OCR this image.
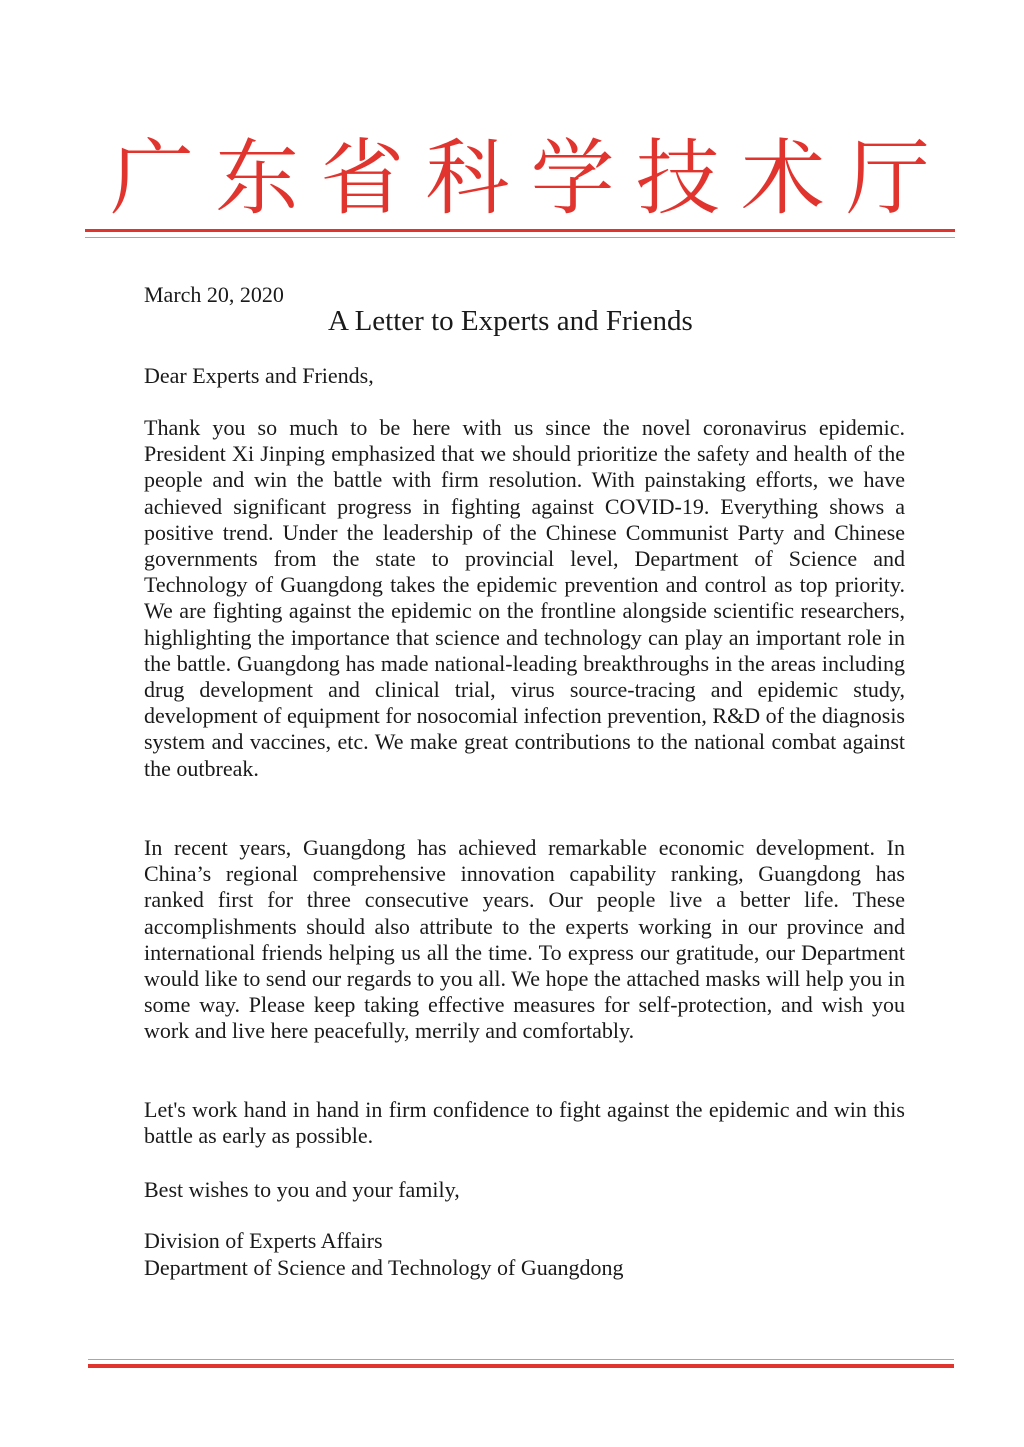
广 东 省 科 学 技 术 厅
March 20, 2020
A Letter to Experts and Friends
Dear Experts and Friends,

Thank you so much to be here with us since the novel coronavirus epidemic. President Xi Jinping emphasized that we should prioritize the safety and health of the people and win the battle with firm resolution. With painstaking efforts, we have achieved significant progress in fighting against COVID-19. Everything shows a positive trend. Under the leadership of the Chinese Communist Party and Chinese governments from the state to provincial level, Department of Science and Technology of Guangdong takes the epidemic prevention and control as top priority. We are fighting against the epidemic on the frontline alongside scientific researchers, highlighting the importance that science and technology can play an important role in the battle. Guangdong has made national-leading breakthroughs in the areas including drug development and clinical trial, virus source-tracing and epidemic study, development of equipment for nosocomial infection prevention, R&D of the diagnosis system and vaccines, etc. We make great contributions to the national combat against the outbreak.

In recent years, Guangdong has achieved remarkable economic development. In China’s regional comprehensive innovation capability ranking, Guangdong has ranked first for three consecutive years. Our people live a better life. These accomplishments should also attribute to the experts working in our province and international friends helping us all the time. To express our gratitude, our Department would like to send our regards to you all. We hope the attached masks will help you in some way. Please keep taking effective measures for self-protection, and wish you work and live here peacefully, merrily and comfortably.

Let's work hand in hand in firm confidence to fight against the epidemic and win this battle as early as possible.

Best wishes to you and your family,
Division of Experts Affairs
Department of Science and Technology of Guangdong
